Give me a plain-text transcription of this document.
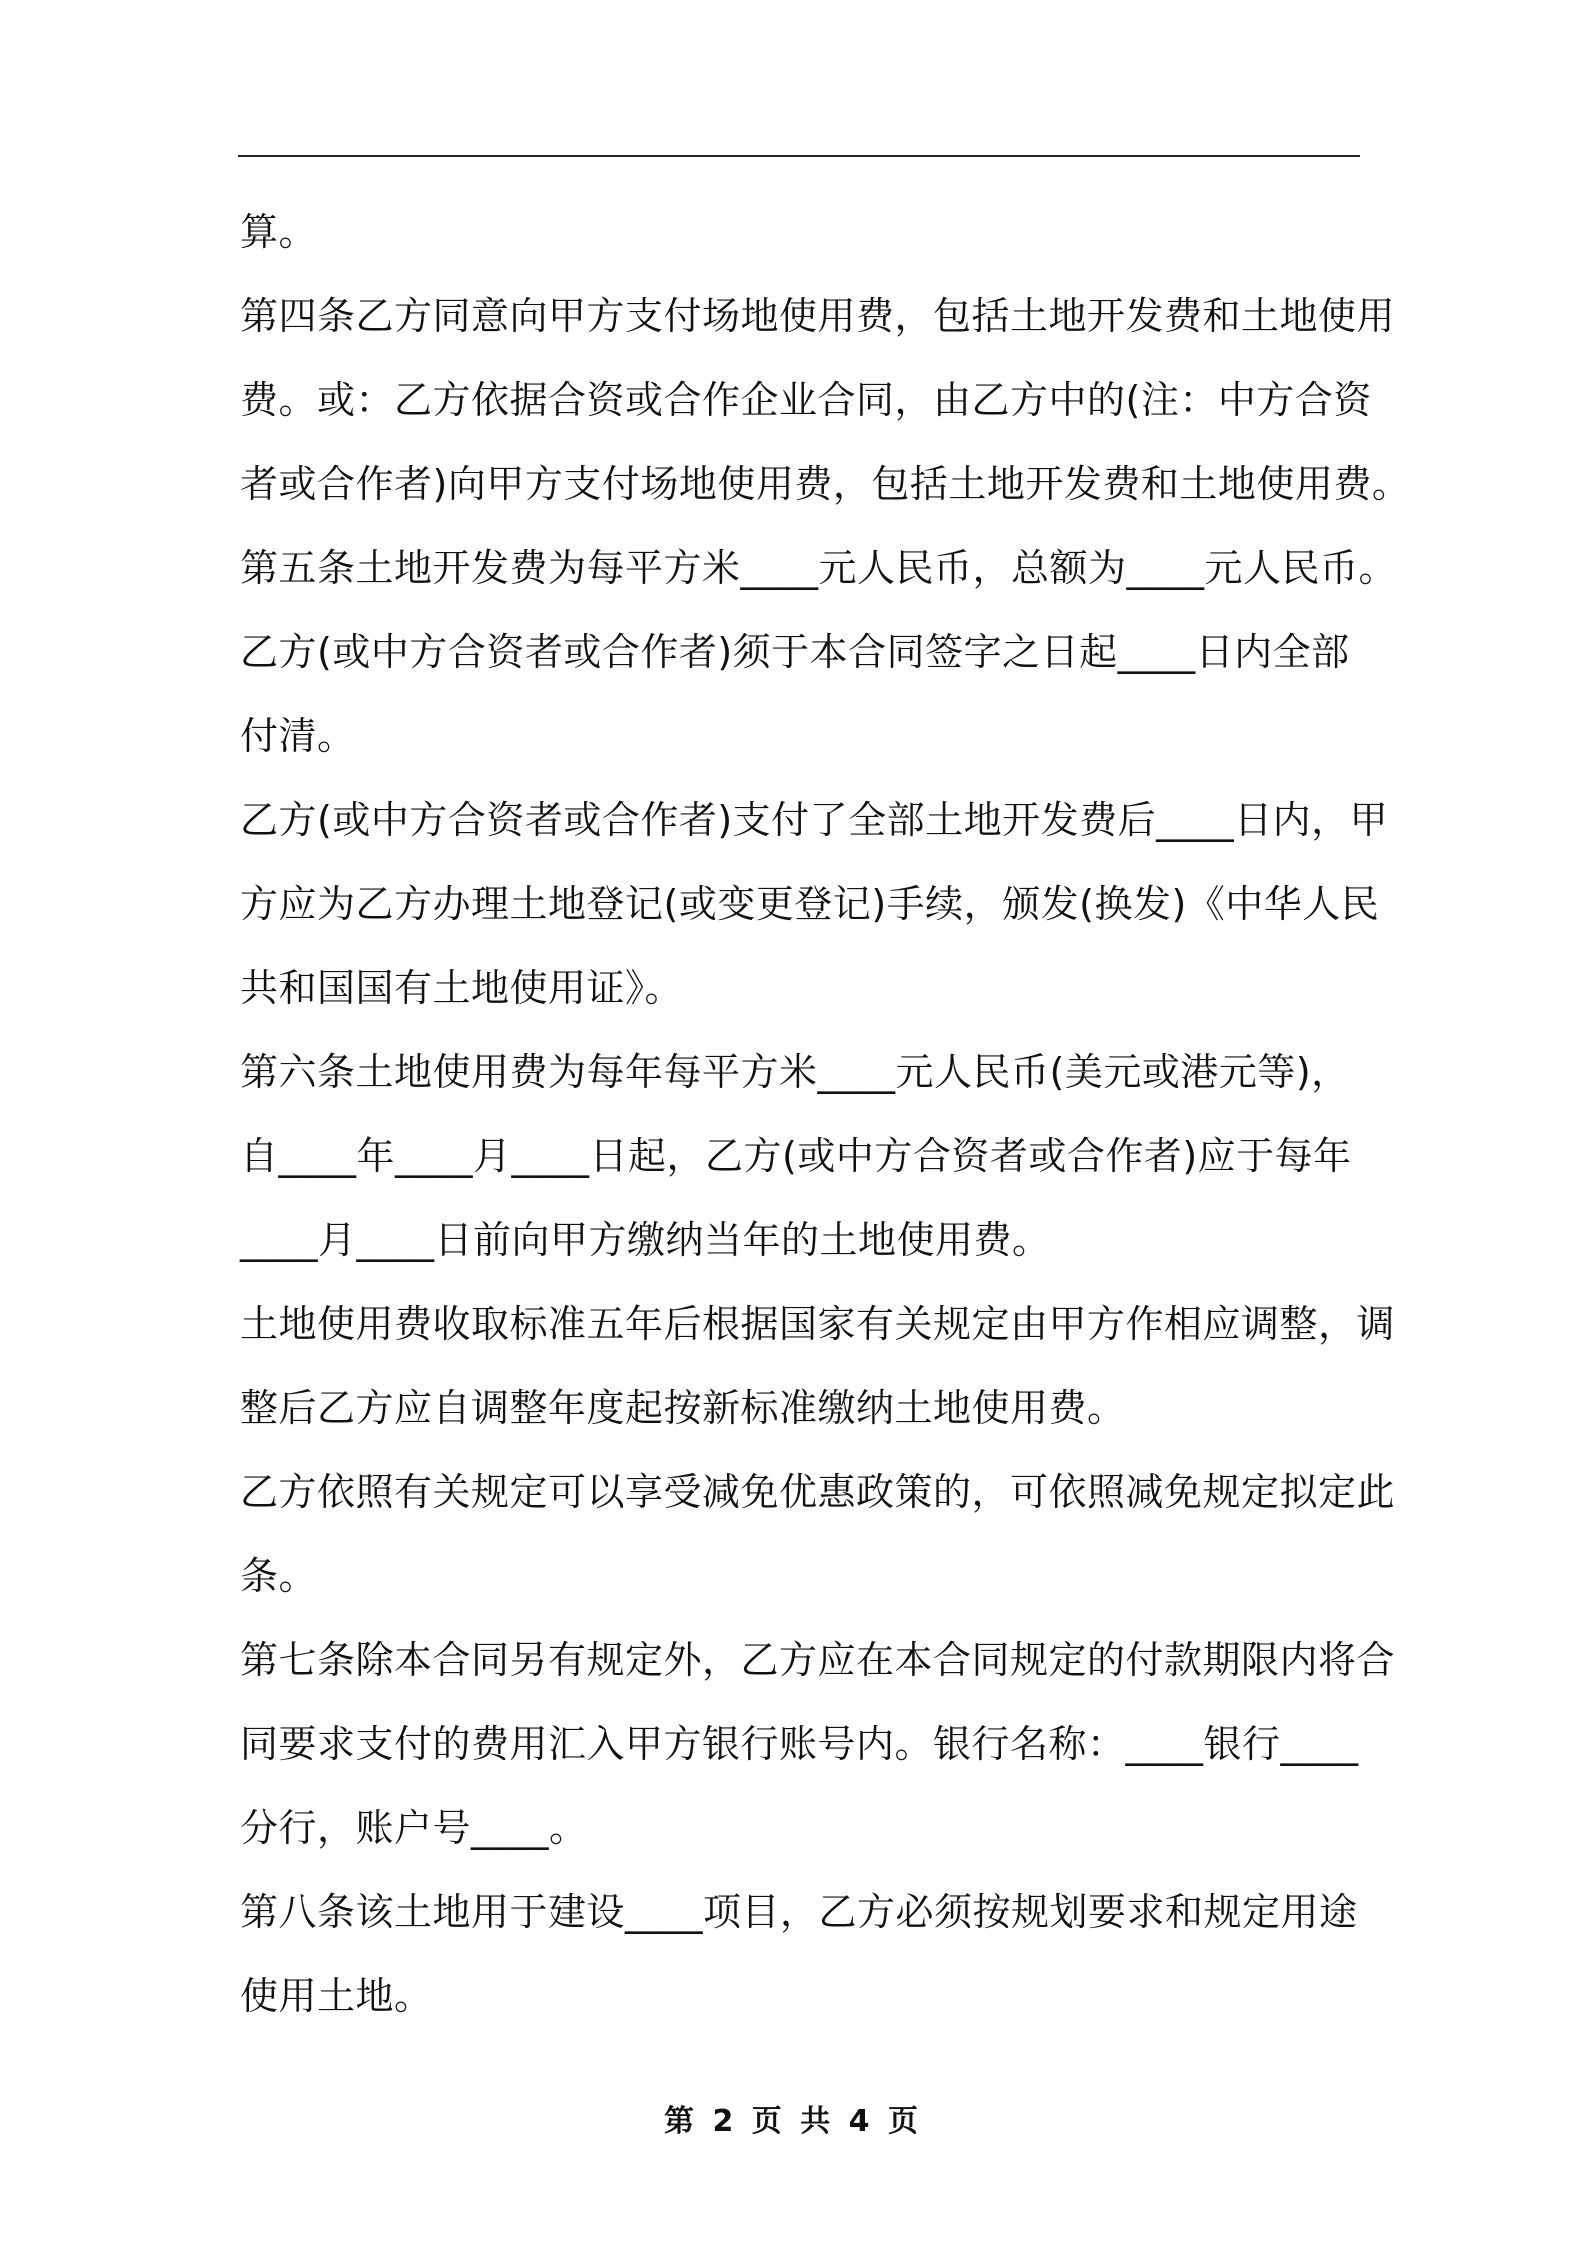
算。
第四条乙方同意向甲方支付场地使用费，包括土地开发费和土地使用
费。或：乙方依据合资或合作企业合同，由乙方中的(注：中方合资
者或合作者)向甲方支付场地使用费，包括土地开发费和土地使用费。
第五条土地开发费为每平方米____元人民币，总额为____元人民币。
乙方(或中方合资者或合作者)须于本合同签字之日起____日内全部
付清。
乙方(或中方合资者或合作者)支付了全部土地开发费后____日内，甲
方应为乙方办理土地登记(或变更登记)手续，颁发(换发)《中华人民
共和国国有土地使用证》。
第六条土地使用费为每年每平方米____元人民币(美元或港元等)，
自____年____月____日起，乙方(或中方合资者或合作者)应于每年
____月____日前向甲方缴纳当年的土地使用费。
土地使用费收取标准五年后根据国家有关规定由甲方作相应调整，调
整后乙方应自调整年度起按新标准缴纳土地使用费。
乙方依照有关规定可以享受减免优惠政策的，可依照减免规定拟定此
条。
第七条除本合同另有规定外，乙方应在本合同规定的付款期限内将合
同要求支付的费用汇入甲方银行账号内。银行名称：____银行____
分行，账户号____。
第八条该土地用于建设____项目，乙方必须按规划要求和规定用途
使用土地。
第 2 页 共 4 页
